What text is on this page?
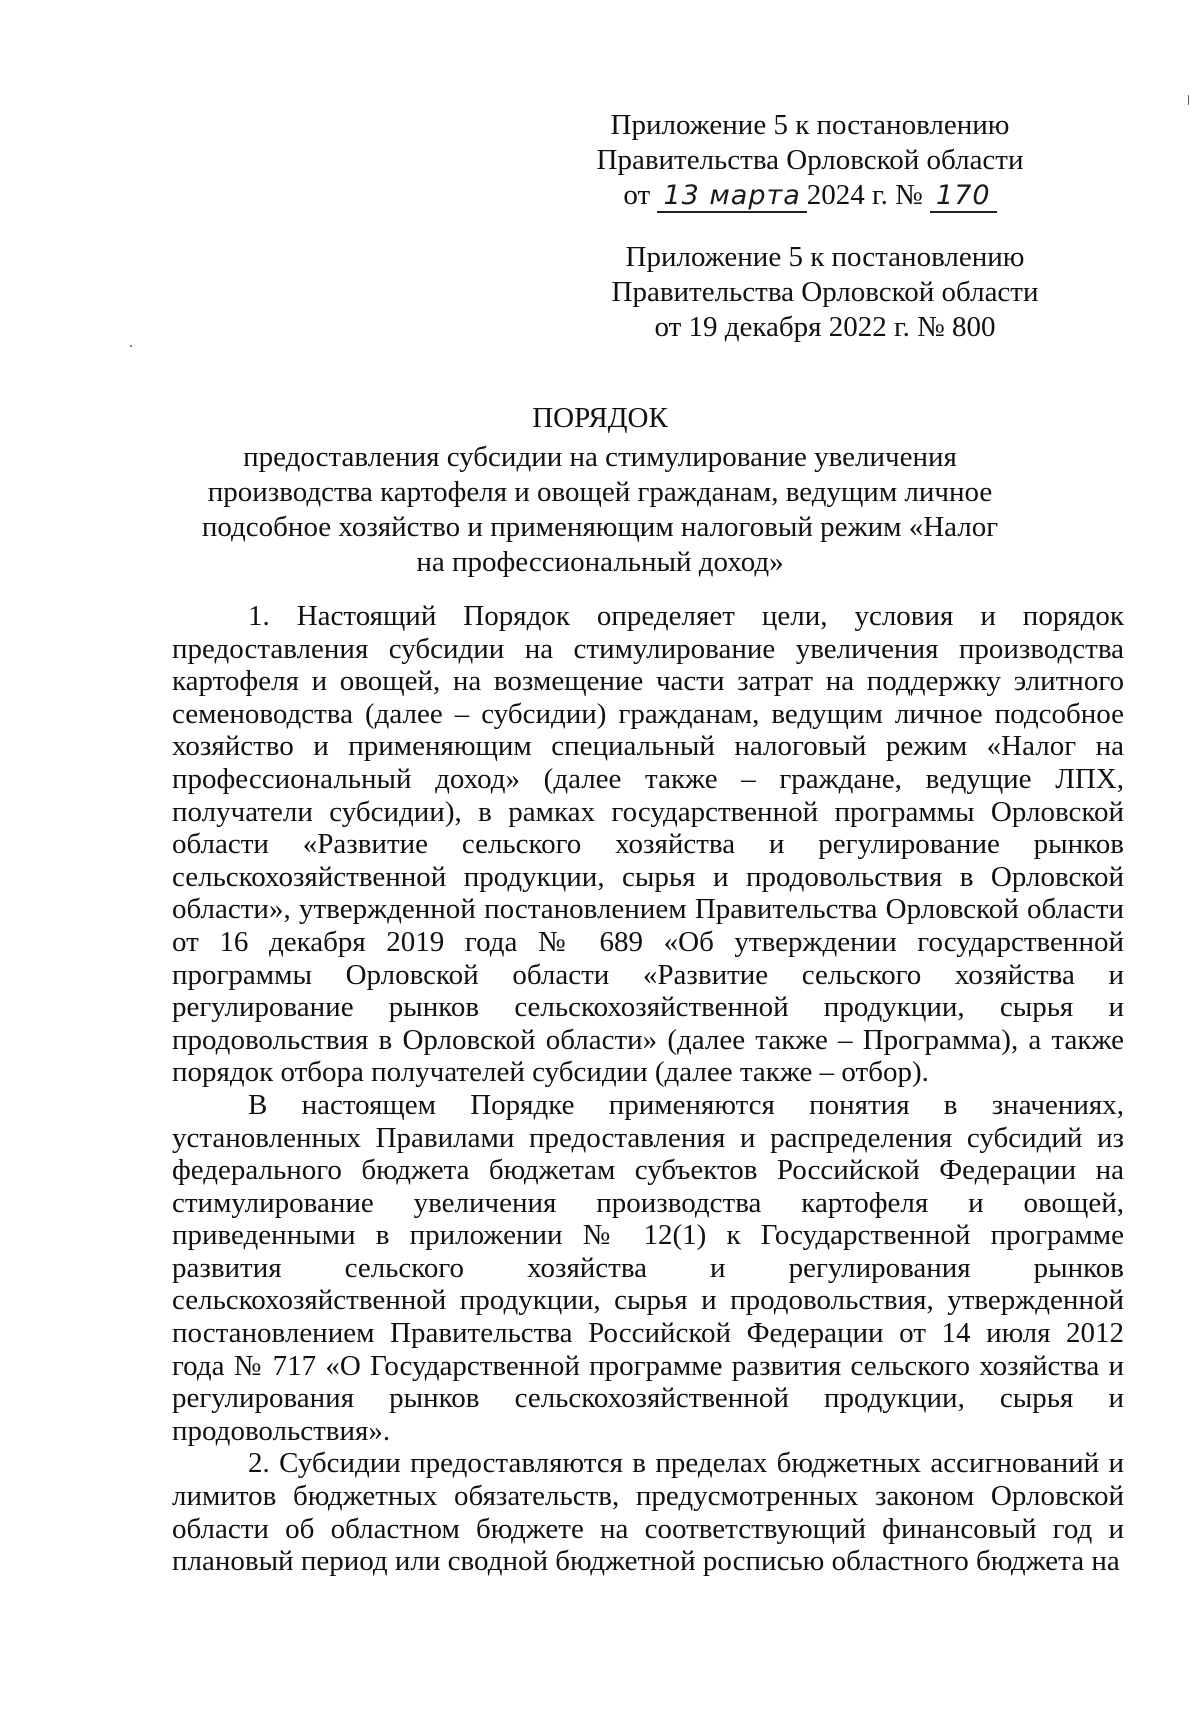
Приложение 5 к постановлению
Правительства Орловской области
от 13 марта 2024 г. № 170
Приложение 5 к постановлению
Правительства Орловской области
от 19 декабря 2022 г. № 800
ПОРЯДОК
предоставления субсидии на стимулирование увеличения
производства картофеля и овощей гражданам, ведущим личное
подсобное хозяйство и применяющим налоговый режим «Налог
на профессиональный доход»

1. Настоящий Порядок определяет цели, условия и порядок предоставления субсидии на стимулирование увеличения производства картофеля и овощей, на возмещение части затрат на поддержку элитного семеноводства (далее – субсидии) гражданам, ведущим личное подсобное хозяйство и применяющим специальный налоговый режим «Налог на профессиональный доход» (далее также – граждане, ведущие ЛПХ, получатели субсидии), в рамках государственной программы Орловской области «Развитие сельского хозяйства и регулирование рынков сельскохозяйственной продукции, сырья и продовольствия в Орловской области», утвержденной постановлением Правительства Орловской области от 16 декабря 2019 года № 689 «Об утверждении государственной программы Орловской области «Развитие сельского хозяйства и регулирование рынков сельскохозяйственной продукции, сырья и продовольствия в Орловской области» (далее также – Программа), а также порядок отбора получателей субсидии (далее также – отбор).

В настоящем Порядке применяются понятия в значениях, установленных Правилами предоставления и распределения субсидий из федерального бюджета бюджетам субъектов Российской Федерации на стимулирование увеличения производства картофеля и овощей, приведенными в приложении № 12(1) к Государственной программе развития сельского хозяйства и регулирования рынков сельскохозяйственной продукции, сырья и продовольствия, утвержденной постановлением Правительства Российской Федерации от 14 июля 2012 года № 717 «О Государственной программе развития сельского хозяйства и регулирования рынков сельскохозяйственной продукции, сырья и продовольствия».

2. Субсидии предоставляются в пределах бюджетных ассигнований и лимитов бюджетных обязательств, предусмотренных законом Орловской области об областном бюджете на соответствующий финансовый год и плановый период или сводной бюджетной росписью областного бюджета на
